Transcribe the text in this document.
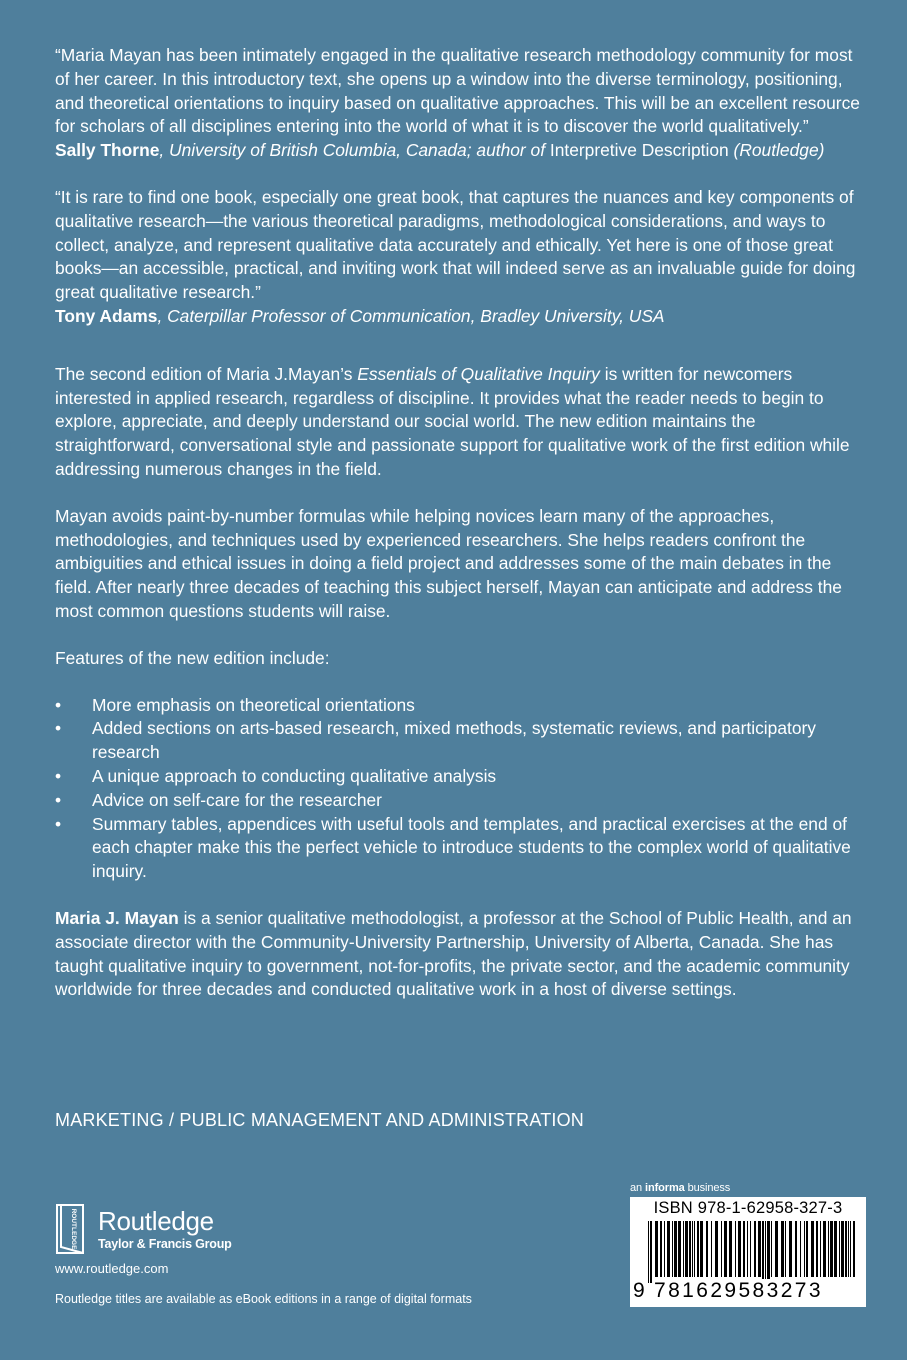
“Maria Mayan has been intimately engaged in the qualitative research methodology community for most of her career. In this introductory text, she opens up a window into the diverse terminology, positioning, and theoretical orientations to inquiry based on qualitative approaches. This will be an excellent resource for scholars of all disciplines entering into the world of what it is to discover the world qualitatively.”

Sally Thorne, University of British Columbia, Canada; author of Interpretive Description (Routledge)

“It is rare to find one book, especially one great book, that captures the nuances and key components of qualitative research—the various theoretical paradigms, methodological considerations, and ways to collect, analyze, and represent qualitative data accurately and ethically. Yet here is one of those great books—an accessible, practical, and inviting work that will indeed serve as an invaluable guide for doing great qualitative research.”

Tony Adams, Caterpillar Professor of Communication, Bradley University, USA

The second edition of Maria J.Mayan’s Essentials of Qualitative Inquiry is written for newcomers interested in applied research, regardless of discipline. It provides what the reader needs to begin to explore, appreciate, and deeply understand our social world. The new edition maintains the straightforward, conversational style and passionate support for qualitative work of the first edition while addressing numerous changes in the field.

Mayan avoids paint-by-number formulas while helping novices learn many of the approaches, methodologies, and techniques used by experienced researchers. She helps readers confront the ambiguities and ethical issues in doing a field project and addresses some of the main debates in the field. After nearly three decades of teaching this subject herself, Mayan can anticipate and address the most common questions students will raise.

Features of the new edition include:

• More emphasis on theoretical orientations
• Added sections on arts-based research, mixed methods, systematic reviews, and participatory research
• A unique approach to conducting qualitative analysis
• Advice on self-care for the researcher
• Summary tables, appendices with useful tools and templates, and practical exercises at the end of each chapter make this the perfect vehicle to introduce students to the complex world of qualitative inquiry.

Maria J. Mayan is a senior qualitative methodologist, a professor at the School of Public Health, and an associate director with the Community-University Partnership, University of Alberta, Canada. She has taught qualitative inquiry to government, not-for-profits, the private sector, and the academic community worldwide for three decades and conducted qualitative work in a host of diverse settings.

MARKETING / PUBLIC MANAGEMENT AND ADMINISTRATION
ROUTLEDGE Routledge
Taylor & Francis Group
www.routledge.com
Routledge titles are available as eBook editions in a range of digital formats
an informa business
ISBN 978-1-62958-327-3
9 781629583273
